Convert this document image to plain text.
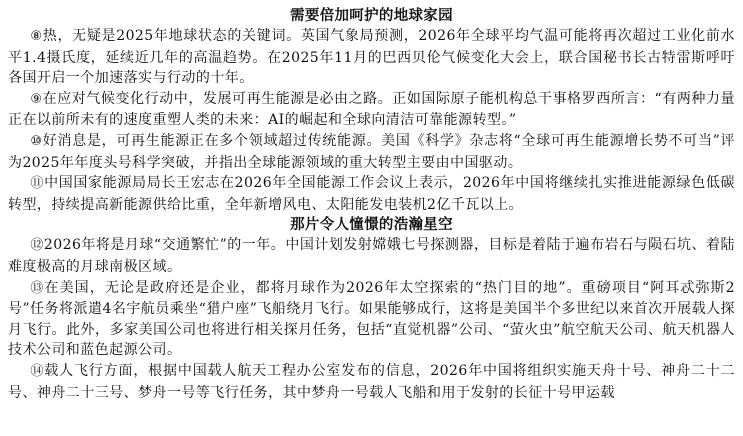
需要倍加呵护的地球家园

⑧热，无疑是2025年地球状态的关键词。英国气象局预测，2026年全球平均气温可能将再次超过工业化前水平1.4摄氏度，延续近几年的高温趋势。在2025年11月的巴西贝伦气候变化大会上，联合国秘书长古特雷斯呼吁各国开启一个加速落实与行动的十年。

⑨在应对气候变化行动中，发展可再生能源是必由之路。正如国际原子能机构总干事格罗西所言：“有两种力量正在以前所未有的速度重塑人类的未来：AI的崛起和全球向清洁可靠能源转型。”

⑩好消息是，可再生能源正在多个领域超过传统能源。美国《科学》杂志将“全球可再生能源增长势不可当”评为2025年年度头号科学突破，并指出全球能源领域的重大转型主要由中国驱动。

⑪中国国家能源局局长王宏志在2026年全国能源工作会议上表示，2026年中国将继续扎实推进能源绿色低碳转型，持续提高新能源供给比重，全年新增风电、太阳能发电装机2亿千瓦以上。

那片令人憧憬的浩瀚星空

⑫2026年将是月球“交通繁忙”的一年。中国计划发射嫦娥七号探测器，目标是着陆于遍布岩石与陨石坑、着陆难度极高的月球南极区域。

⑬在美国，无论是政府还是企业，都将月球作为2026年太空探索的“热门目的地”。重磅项目“阿耳忒弥斯2号”任务将派遣4名宇航员乘坐“猎户座”飞船绕月飞行。如果能够成行，这将是美国半个多世纪以来首次开展载人探月飞行。此外，多家美国公司也将进行相关探月任务，包括“直觉机器”公司、“萤火虫”航空航天公司、航天机器人技术公司和蓝色起源公司。

⑭载人飞行方面，根据中国载人航天工程办公室发布的信息，2026年中国将组织实施天舟十号、神舟二十二号、神舟二十三号、梦舟一号等飞行任务，其中梦舟一号载人飞船和用于发射的长征十号甲运载
